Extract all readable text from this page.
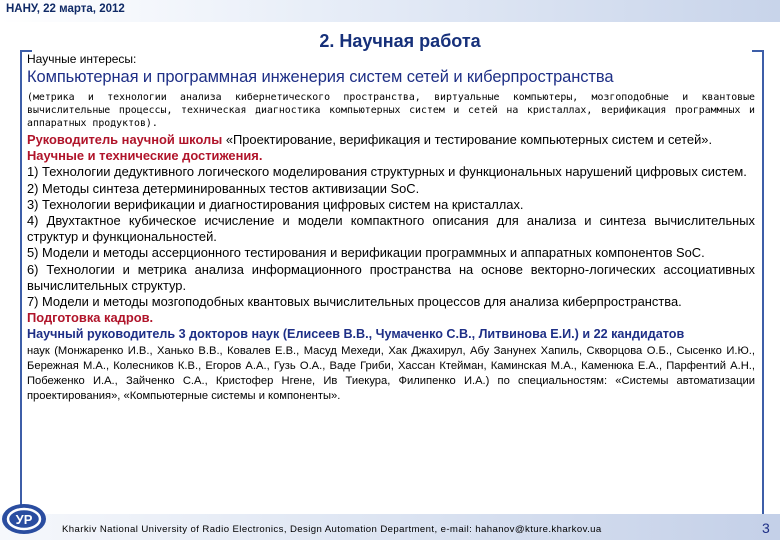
НАНУ, 22 марта, 2012
2. Научная работа

Научные интересы:

Компьютерная и программная инженерия систем сетей и киберпространства

(метрика и технологии анализа кибернетического пространства, виртуальные компьютеры, мозгоподобные и квантовые вычислительные процессы, техническая диагностика компьютерных систем и сетей на кристаллах, верификация программных и аппаратных продуктов).

Руководитель научной школы «Проектирование, верификация и тестирование компьютерных систем и сетей».

Научные и технические достижения.

1) Технологии дедуктивного логического моделирования структурных и функциональных нарушений цифровых систем.

2) Методы синтеза детерминированных тестов активизации SoC.

3) Технологии верификации и диагностирования цифровых систем на кристаллах.

4) Двухтактное кубическое исчисление и модели компактного описания для анализа и синтеза вычислительных структур и функциональностей.

5) Модели и методы ассерционного тестирования и верификации программных и аппаратных компонентов SoC.

6) Технологии и метрика анализа информационного пространства на основе векторно-логических ассоциативных вычислительных структур.

7) Модели и методы мозгоподобных квантовых вычислительных процессов для анализа киберпространства.

Подготовка кадров.

Научный руководитель 3 докторов наук (Елисеев В.В., Чумаченко С.В., Литвинова Е.И.) и 22 кандидатов

наук (Монжаренко И.В., Ханько В.В., Ковалев Е.В., Масуд Мехеди, Хак Джахирул, Абу Занунех Хапиль, Скворцова О.Б., Сысенко И.Ю., Бережная М.А., Колесников К.В., Егоров А.А., Гузь О.А., Ваде Гриби, Хассан Ктейман, Каминская М.А., Каменюка Е.А., Парфентий А.Н., Побеженко И.А., Зайченко С.А., Кристофер Нгене, Ив Тиекура, Филипенко И.А.) по специальностям: «Системы автоматизации проектирования», «Компьютерные системы и компоненты».

УР
Kharkiv National University of Radio Electronics, Design Automation Department, e-mail: hahanov@kture.kharkov.ua	3
